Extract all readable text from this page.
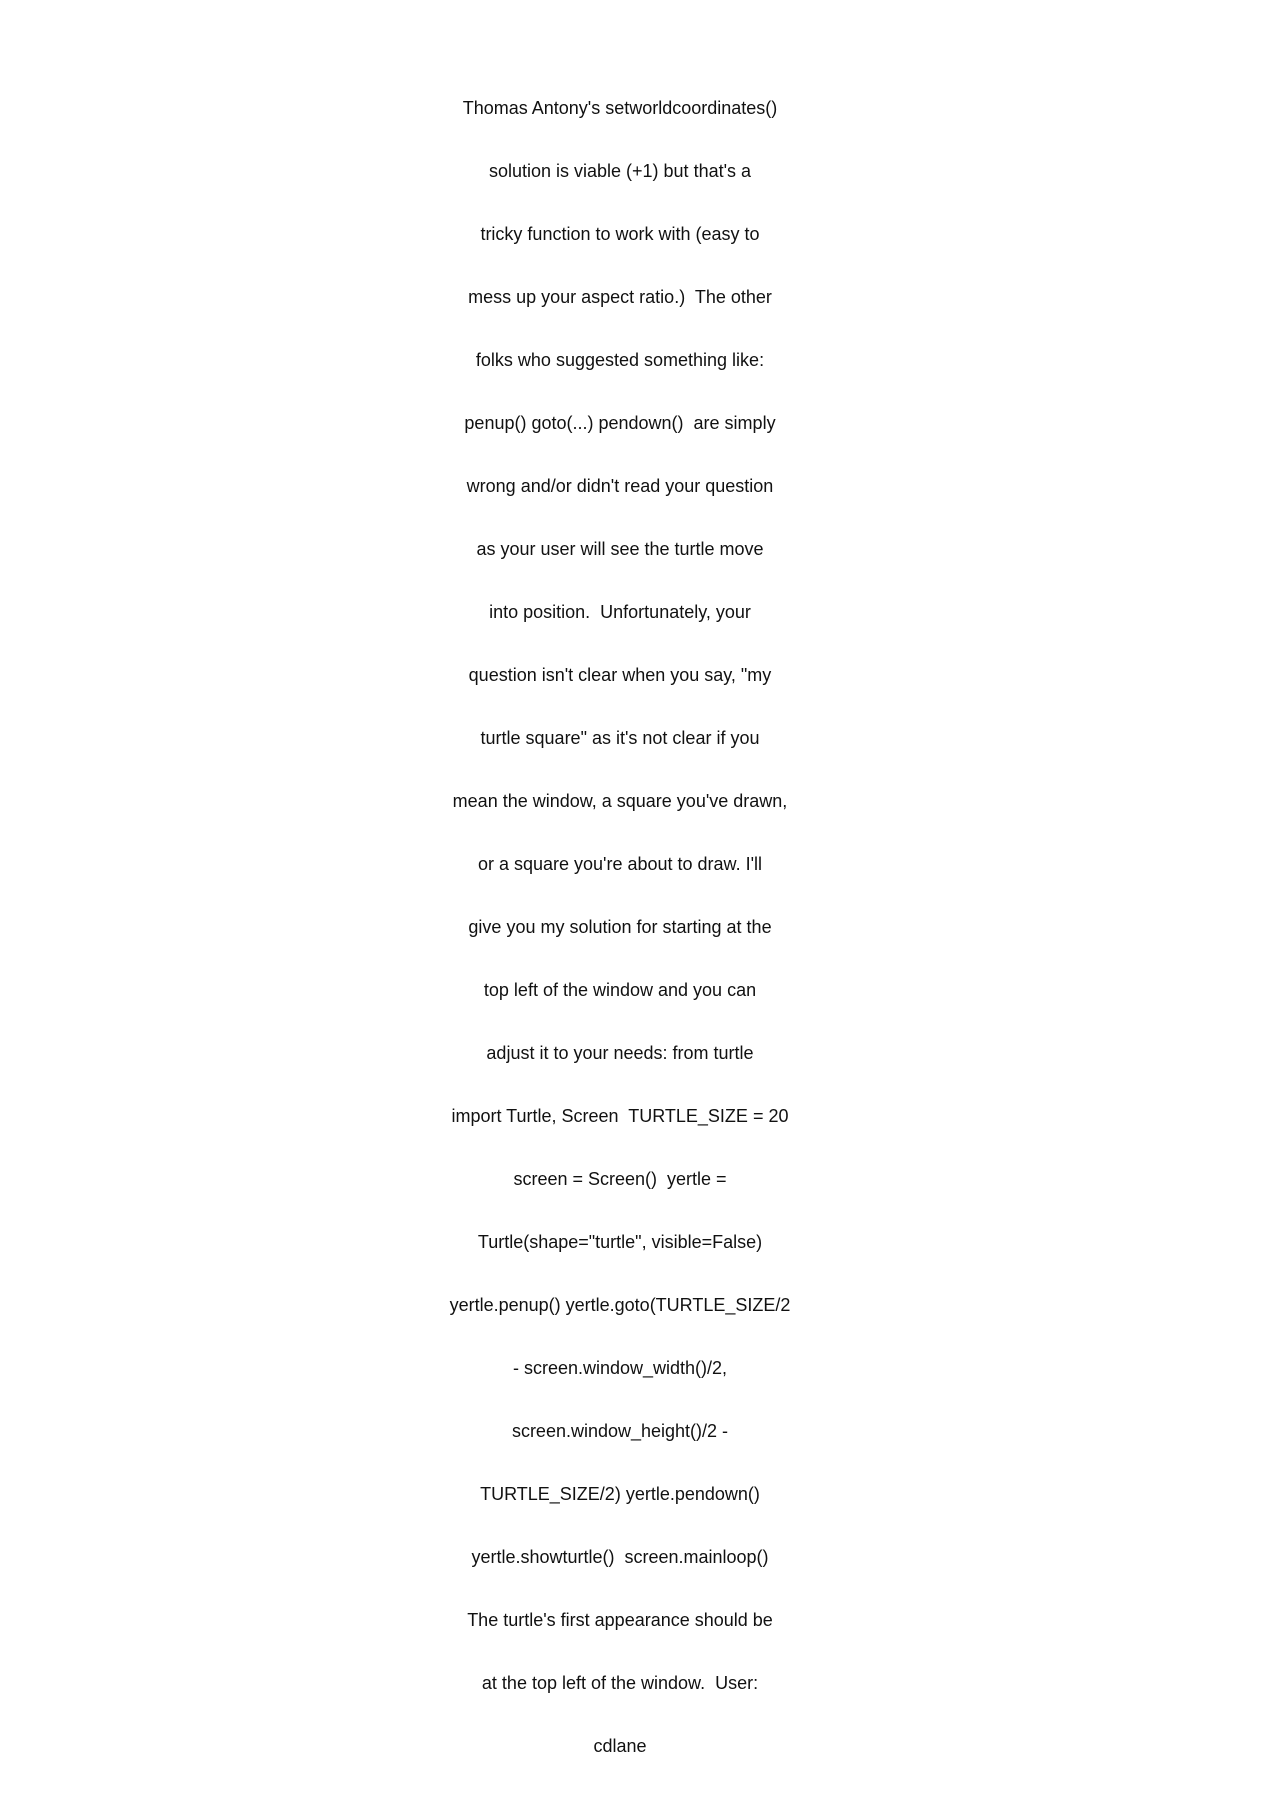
Thomas Antony's setworldcoordinates()

solution is viable (+1) but that's a

tricky function to work with (easy to

mess up your aspect ratio.)  The other

folks who suggested something like:

penup() goto(...) pendown()  are simply

wrong and/or didn't read your question

as your user will see the turtle move

into position.  Unfortunately, your

question isn't clear when you say, "my

turtle square" as it's not clear if you

mean the window, a square you've drawn,

or a square you're about to draw. I'll

give you my solution for starting at the

top left of the window and you can

adjust it to your needs: from turtle

import Turtle, Screen  TURTLE_SIZE = 20

screen = Screen()  yertle =

Turtle(shape="turtle", visible=False)

yertle.penup() yertle.goto(TURTLE_SIZE/2

- screen.window_width()/2,

screen.window_height()/2 -

TURTLE_SIZE/2) yertle.pendown()

yertle.showturtle()  screen.mainloop()

The turtle's first appearance should be

at the top left of the window.  User:

cdlane
